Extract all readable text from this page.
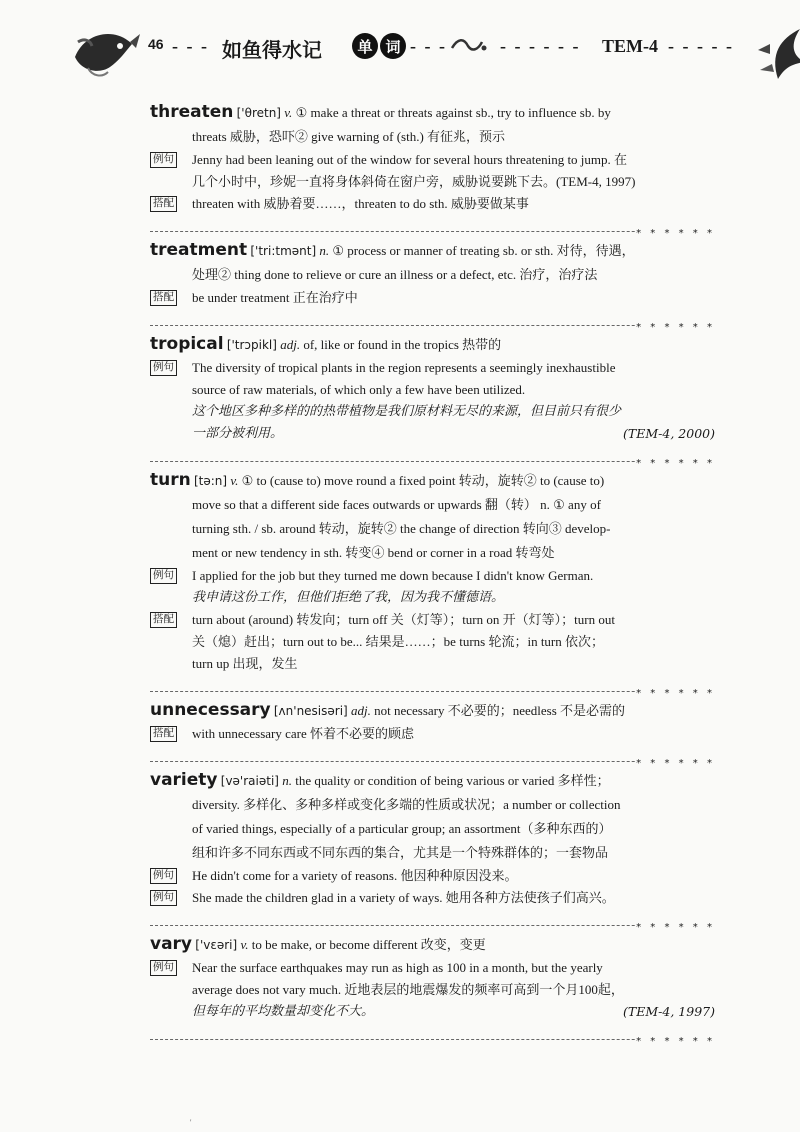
46 - - - 如鱼得水记	单 词 - - -	- - - - - - TEM-4 - - - - -

threaten ['θretn] v. ① make a threat or threats against sb., try to influence sb. by

threats 威胁，恐吓② give warning of (sth.) 有征兆，预示

例句 Jenny had been leaning out of the window for several hours threatening to jump. 在
几个小时中，珍妮一直将身体斜倚在窗户旁，威胁说要跳下去。(TEM-4, 1997)
搭配 threaten with 威胁着要……，threaten to do sth. 威胁要做某事
* * * * * *

treatment ['tri:tmənt] n. ① process or manner of treating sb. or sth. 对待，待遇，

处理② thing done to relieve or cure an illness or a defect, etc. 治疗，治疗法

搭配 be under treatment 正在治疗中
* * * * * *

tropical ['trɔpikl] adj. of, like or found in the tropics 热带的

例句 The diversity of tropical plants in the region represents a seemingly inexhaustible
source of raw materials, of which only a few have been utilized.
这个地区多种多样的的热带植物是我们原材料无尽的来源，但目前只有很少
(TEM-4, 2000)
一部分被利用。
* * * * * *

turn [tə:n] v. ① to (cause to) move round a fixed point 转动，旋转② to (cause to)

move so that a different side faces outwards or upwards 翻（转） n. ① any of

turning sth. / sb. around 转动，旋转② the change of direction 转向③ develop-

ment or new tendency in sth. 转变④ bend or corner in a road 转弯处

例句 I applied for the job but they turned me down because I didn't know German.
我申请这份工作，但他们拒绝了我，因为我不懂德语。
搭配 turn about (around) 转发向；turn off 关（灯等）；turn on 开（灯等）；turn out
关（熄）赶出；turn out to be... 结果是……；be turns 轮流；in turn 依次；
turn up 出现，发生
* * * * * *

unnecessary [ʌn'nesisəri] adj. not necessary 不必要的；needless 不是必需的

搭配 with unnecessary care 怀着不必要的顾虑
* * * * * *

variety [və'raiəti] n. the quality or condition of being various or varied 多样性；

diversity. 多样化、多种多样或变化多端的性质或状况；a number or collection

of varied things, especially of a particular group; an assortment（多种东西的）

组和许多不同东西或不同东西的集合，尤其是一个特殊群体的；一套物品

例句 He didn't come for a variety of reasons. 他因种种原因没来。
例句 She made the children glad in a variety of ways. 她用各种方法使孩子们高兴。
* * * * * *

vary ['vεəri] v. to be make, or become different 改变，变更

例句 Near the surface earthquakes may run as high as 100 in a month, but the yearly
average does not vary much. 近地表层的地震爆发的频率可高到一个月100起，
(TEM-4, 1997)
但每年的平均数量却变化不大。
* * * * * *
'
